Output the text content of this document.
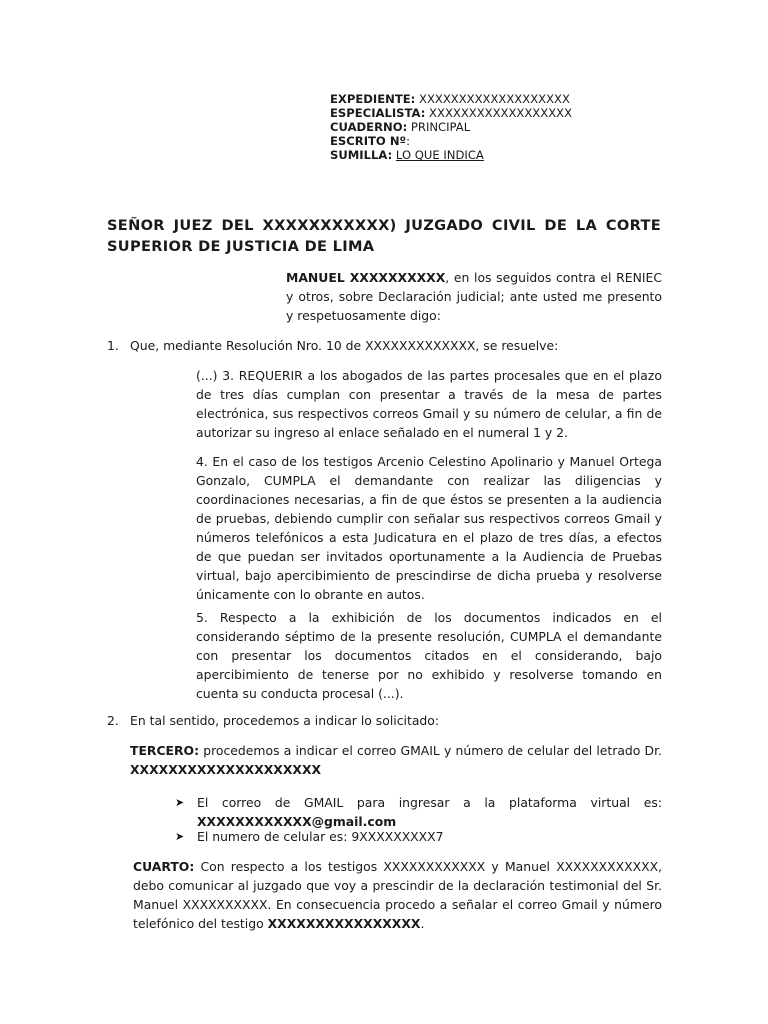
EXPEDIENTE: XXXXXXXXXXXXXXXXXXX
ESPECIALISTA: XXXXXXXXXXXXXXXXXX
CUADERNO: PRINCIPAL
ESCRITO Nº:
SUMILLA: LO QUE INDICA
SEÑOR JUEZ DEL XXXXXXXXXXX) JUZGADO CIVIL DE LA CORTE SUPERIOR DE JUSTICIA DE LIMA
MANUEL XXXXXXXXXX, en los seguidos contra el RENIEC y otros, sobre Declaración judicial; ante usted me presento y respetuosamente digo:
1. Que, mediante Resolución Nro. 10 de XXXXXXXXXXXXX, se resuelve:
(...) 3. REQUERIR a los abogados de las partes procesales que en el plazo de tres días cumplan con presentar a través de la mesa de partes electrónica, sus respectivos correos Gmail y su número de celular, a fin de autorizar su ingreso al enlace señalado en el numeral 1 y 2.
4. En el caso de los testigos Arcenio Celestino Apolinario y Manuel Ortega Gonzalo, CUMPLA el demandante con realizar las diligencias y coordinaciones necesarias, a fin de que éstos se presenten a la audiencia de pruebas, debiendo cumplir con señalar sus respectivos correos Gmail y números telefónicos a esta Judicatura en el plazo de tres días, a efectos de que puedan ser invitados oportunamente a la Audiencia de Pruebas virtual, bajo apercibimiento de prescindirse de dicha prueba y resolverse únicamente con lo obrante en autos.
5. Respecto a la exhibición de los documentos indicados en el considerando séptimo de la presente resolución, CUMPLA el demandante con presentar los documentos citados en el considerando, bajo apercibimiento de tenerse por no exhibido y resolverse tomando en cuenta su conducta procesal (...).
2. En tal sentido, procedemos a indicar lo solicitado:
TERCERO: procedemos a indicar el correo GMAIL y número de celular del letrado Dr. XXXXXXXXXXXXXXXXXXXX
➤ El correo de GMAIL para ingresar a la plataforma virtual es: XXXXXXXXXXXX@gmail.com
➤ El numero de celular es: 9XXXXXXXXX7
CUARTO: Con respecto a los testigos XXXXXXXXXXXX y Manuel XXXXXXXXXXXX, debo comunicar al juzgado que voy a prescindir de la declaración testimonial del Sr. Manuel XXXXXXXXXX. En consecuencia procedo a señalar el correo Gmail y número telefónico del testigo XXXXXXXXXXXXXXXX.
